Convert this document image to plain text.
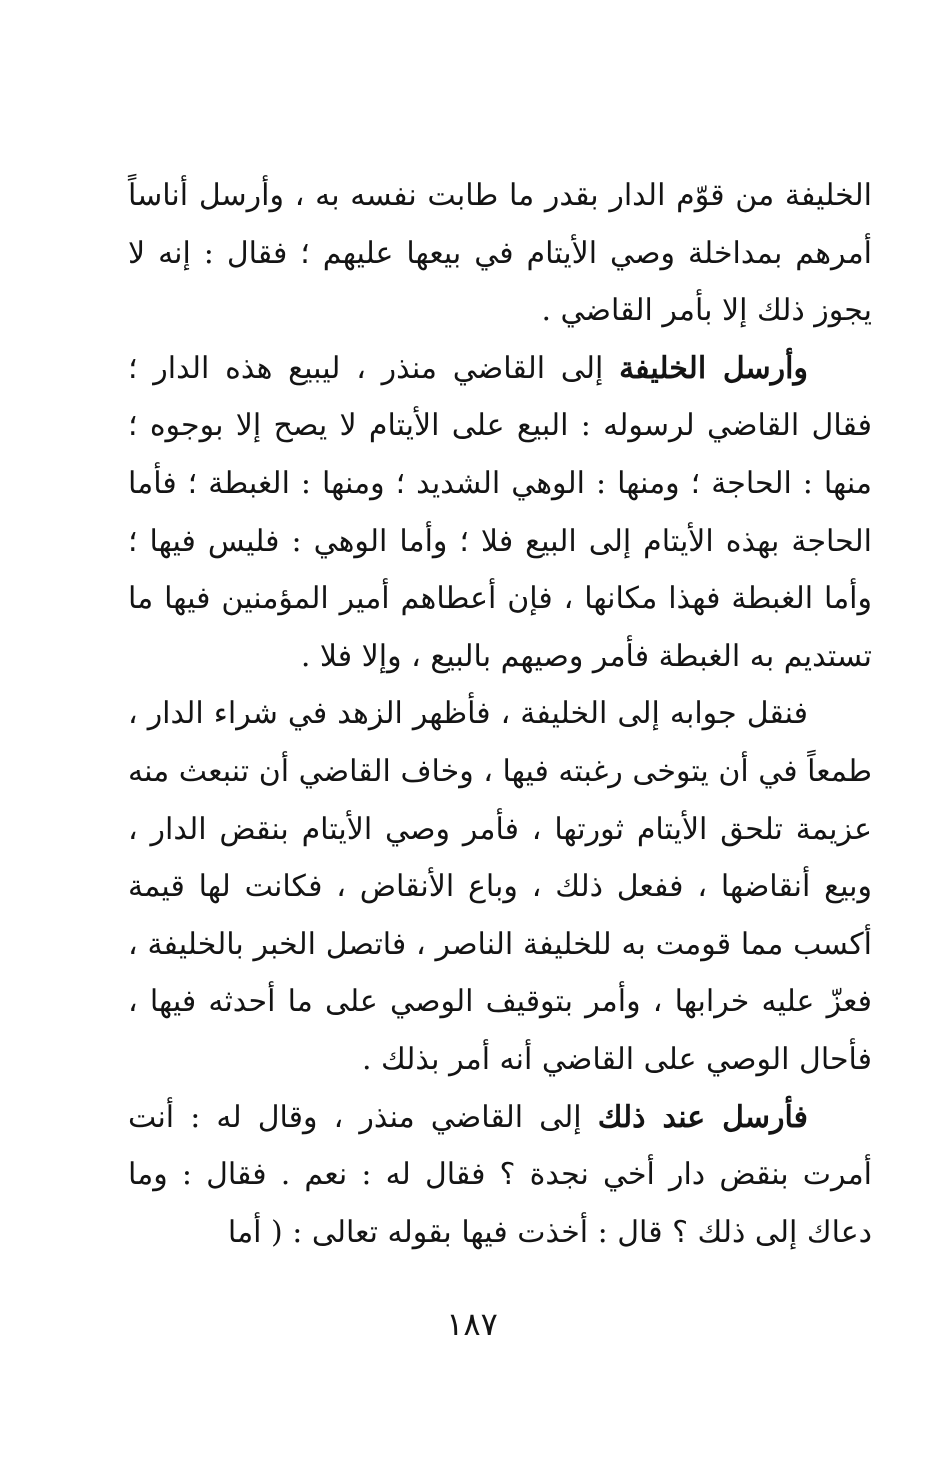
الخليفة من قوّم الدار بقدر ما طابت نفسه به ، وأرسل أناساً أمرهم بمداخلة وصي الأيتام في بيعها عليهم ؛ فقال : إنه لا يجوز ذلك إلا بأمر القاضي .

وأرسل الخليفة إلى القاضي منذر ، ليبيع هذه الدار ؛ فقال القاضي لرسوله : البيع على الأيتام لا يصح إلا بوجوه ؛ منها : الحاجة ؛ ومنها : الوهي الشديد ؛ ومنها : الغبطة ؛ فأما الحاجة بهذه الأيتام إلى البيع فلا ؛ وأما الوهي : فليس فيها ؛ وأما الغبطة فهذا مكانها ، فإن أعطاهم أمير المؤمنين فيها ما تستديم به الغبطة فأمر وصيهم بالبيع ، وإلا فلا .

فنقل جوابه إلى الخليفة ، فأظهر الزهد في شراء الدار ، طمعاً في أن يتوخى رغبته فيها ، وخاف القاضي أن تنبعث منه عزيمة تلحق الأيتام ثورتها ، فأمر وصي الأيتام بنقض الدار ، وبيع أنقاضها ، ففعل ذلك ، وباع الأنقاض ، فكانت لها قيمة أكسب مما قومت به للخليفة الناصر ، فاتصل الخبر بالخليفة ، فعزّ عليه خرابها ، وأمر بتوقيف الوصي على ما أحدثه فيها ، فأحال الوصي على القاضي أنه أمر بذلك .

فأرسل عند ذلك إلى القاضي منذر ، وقال له : أنت أمرت بنقض دار أخي نجدة ؟ فقال له : نعم . فقال : وما دعاك إلى ذلك ؟ قال : أخذت فيها بقوله تعالى : ( أما

١٨٧
